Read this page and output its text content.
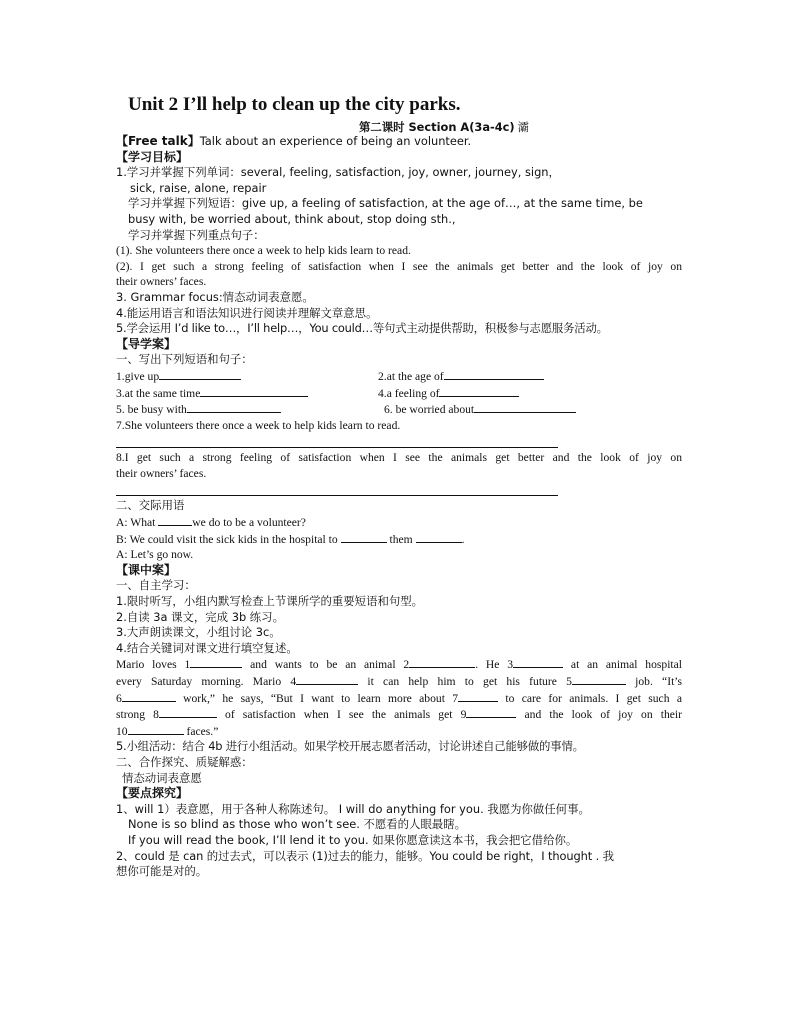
Unit 2 I’ll help to clean up the city parks.
第二课时 Section A(3a-4c) 灞
【Free talk】Talk about an experience of being an volunteer.
【学习目标】
1.学习并掌握下列单词：several, feeling, satisfaction, joy, owner, journey, sign，
sick, raise, alone, repair
学习并掌握下列短语：give up, a feeling of satisfaction, at the age of…, at the same time, be
busy with, be worried about, think about, stop doing sth.,
学习并掌握下列重点句子：
(1). She volunteers there once a week to help kids learn to read.
(2). I get such a strong feeling of satisfaction when I see the animals get better and the look of joy on
their owners’ faces.
3. Grammar focus:情态动词表意愿。
4.能运用语言和语法知识进行阅读并理解文章意思。
5.学会运用 I’d like to…，I’ll help…，You could…等句式主动提供帮助，积极参与志愿服务活动。
【导学案】
一、写出下列短语和句子：
1.give up	2.at the age of
3.at the same time	4.a feeling of
5. be busy with	6. be worried about
7.She volunteers there once a week to help kids learn to read.
8.I get such a strong feeling of satisfaction when I see the animals get better and the look of joy on
their owners’ faces.
二、交际用语
A: What	we do to be a volunteer?
B: We could visit the sick kids in the hospital to	them	.
A: Let’s go now.
【课中案】
一、自主学习：
1.限时听写，小组内默写检查上节课所学的重要短语和句型。
2.自读 3a 课文，完成 3b 练习。
3.大声朗读课文，小组讨论 3c。
4.结合关键词对课文进行填空复述。
Mario loves 1	and wants to be an animal 2	. He 3	at an animal hospital
every Saturday morning. Mario 4	it can help him to get his future 5	job. “It’s
6	work,” he says, “But I want to learn more about 7	to care for animals. I get such a
strong 8	of satisfaction when I see the animals get 9	and the look of joy on their
10	faces.”
5.小组活动：结合 4b 进行小组活动。如果学校开展志愿者活动，讨论讲述自己能够做的事情。
二、合作探究、质疑解惑：
情态动词表意愿
【要点探究】
1、will 1）表意愿，用于各种人称陈述句。 I will do anything for you. 我愿为你做任何事。
None is so blind as those who won’t see. 不愿看的人眼最瞎。
If you will read the book, I’ll lend it to you. 如果你愿意读这本书，我会把它借给你。
2、could 是 can 的过去式，可以表示 (1)过去的能力，能够。You could be right，I thought . 我
想你可能是对的。
